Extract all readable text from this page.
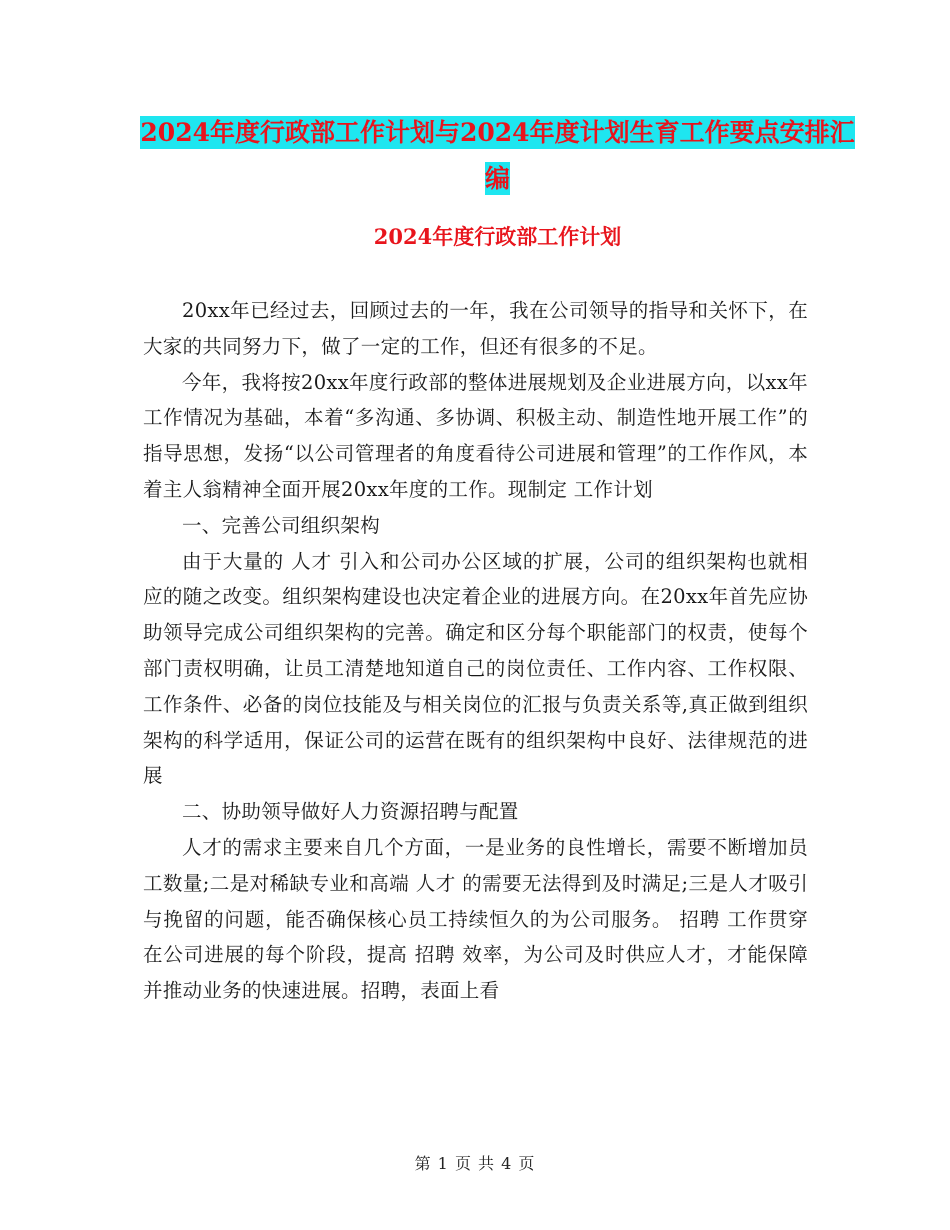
2024年度行政部工作计划与2024年度计划生育工作要点安排汇编
2024年度行政部工作计划

20xx年已经过去，回顾过去的一年，我在公司领导的指导和关怀下，在大家的共同努力下，做了一定的工作，但还有很多的不足。

今年，我将按20xx年度行政部的整体进展规划及企业进展方向，以xx年工作情况为基础，本着“多沟通、多协调、积极主动、制造性地开展工作”的指导思想，发扬“以公司管理者的角度看待公司进展和管理”的工作作风，本着主人翁精神全面开展20xx年度的工作。现制定 工作计划

一、完善公司组织架构

由于大量的 人才 引入和公司办公区域的扩展，公司的组织架构也就相应的随之改变。组织架构建设也决定着企业的进展方向。在20xx年首先应协助领导完成公司组织架构的完善。确定和区分每个职能部门的权责，使每个部门责权明确，让员工清楚地知道自己的岗位责任、工作内容、工作权限、工作条件、必备的岗位技能及与相关岗位的汇报与负责关系等,真正做到组织架构的科学适用，保证公司的运营在既有的组织架构中良好、法律规范的进展

二、协助领导做好人力资源招聘与配置

人才的需求主要来自几个方面，一是业务的良性增长，需要不断增加员工数量;二是对稀缺专业和高端 人才 的需要无法得到及时满足;三是人才吸引与挽留的问题，能否确保核心员工持续恒久的为公司服务。 招聘 工作贯穿在公司进展的每个阶段，提高 招聘 效率，为公司及时供应人才，才能保障并推动业务的快速进展。招聘，表面上看

第 1 页 共 4 页
